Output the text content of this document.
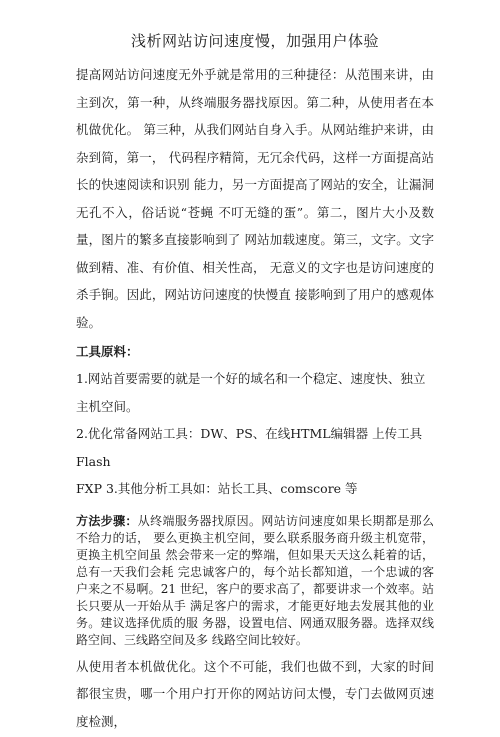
浅析网站访问速度慢，加强用户体验

提高网站访问速度无外乎就是常用的三种捷径：从范围来讲，由主到次，第一种，从终端服务器找原因。第二种，从使用者在本机做优化。 第三种，从我们网站自身入手。从网站维护来讲，由杂到简，第一， 代码程序精简，无冗余代码，这样一方面提高站长的快速阅读和识别 能力，另一方面提高了网站的安全，让漏洞无孔不入，俗话说“苍蝇 不叮无缝的蛋”。第二，图片大小及数量，图片的繁多直接影响到了 网站加载速度。第三，文字。文字做到精、准、有价值、相关性高， 无意义的文字也是访问速度的杀手锏。因此，网站访问速度的快慢直 接影响到了用户的感观体验。

工具原料：

1.网站首要需要的就是一个好的域名和一个稳定、速度快、独立主机空间。

2.优化常备网站工具：DW、PS、在线HTML编辑器 上传工具Flash

FXP 3.其他分析工具如：站长工具、comscore 等

方法步骤：从终端服务器找原因。网站访问速度如果长期都是那么不给力的话， 要么更换主机空间，要么联系服务商升级主机宽带，更换主机空间虽 然会带来一定的弊端，但如果天天这么耗着的话，总有一天我们会耗 完忠诚客户的，每个站长都知道，一个忠诚的客户来之不易啊。21 世纪，客户的要求高了，都要讲求一个效率。站长只要从一开始从手 满足客户的需求，才能更好地去发展其他的业务。建议选择优质的服 务器，设置电信、网通双服务器。选择双线路空间、三线路空间及多 线路空间比较好。

从使用者本机做优化。这个不可能，我们也做不到，大家的时间都很宝贵，哪一个用户打开你的网站访问太慢，专门去做网页速度检测，
